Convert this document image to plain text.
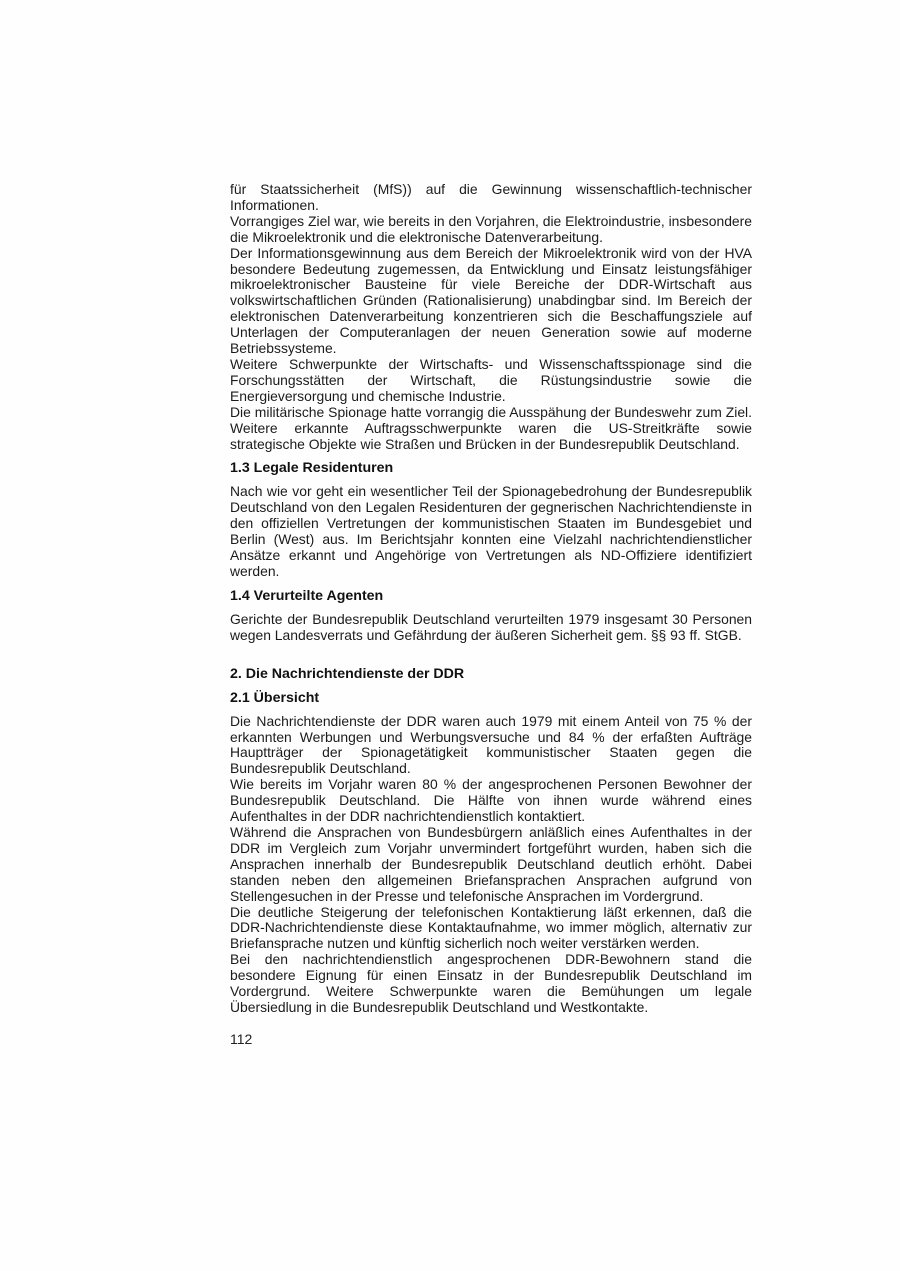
für Staatssicherheit (MfS)) auf die Gewinnung wissenschaftlich-technischer Informationen.

Vorrangiges Ziel war, wie bereits in den Vorjahren, die Elektroindustrie, insbesondere die Mikroelektronik und die elektronische Datenverarbeitung.

Der Informationsgewinnung aus dem Bereich der Mikroelektronik wird von der HVA besondere Bedeutung zugemessen, da Entwicklung und Einsatz leistungsfähiger mikroelektronischer Bausteine für viele Bereiche der DDR-Wirtschaft aus volkswirtschaftlichen Gründen (Rationalisierung) unabdingbar sind. Im Bereich der elektronischen Datenverarbeitung konzentrieren sich die Beschaffungsziele auf Unterlagen der Computeranlagen der neuen Generation sowie auf moderne Betriebssysteme.

Weitere Schwerpunkte der Wirtschafts- und Wissenschaftsspionage sind die Forschungsstätten der Wirtschaft, die Rüstungsindustrie sowie die Energieversorgung und chemische Industrie.

Die militärische Spionage hatte vorrangig die Ausspähung der Bundeswehr zum Ziel. Weitere erkannte Auftragsschwerpunkte waren die US-Streitkräfte sowie strategische Objekte wie Straßen und Brücken in der Bundesrepublik Deutschland.

1.3 Legale Residenturen

Nach wie vor geht ein wesentlicher Teil der Spionagebedrohung der Bundesrepublik Deutschland von den Legalen Residenturen der gegnerischen Nachrichtendienste in den offiziellen Vertretungen der kommunistischen Staaten im Bundesgebiet und Berlin (West) aus. Im Berichtsjahr konnten eine Vielzahl nachrichtendienstlicher Ansätze erkannt und Angehörige von Vertretungen als ND-Offiziere identifiziert werden.

1.4 Verurteilte Agenten

Gerichte der Bundesrepublik Deutschland verurteilten 1979 insgesamt 30 Personen wegen Landesverrats und Gefährdung der äußeren Sicherheit gem. §§ 93 ff. StGB.

2. Die Nachrichtendienste der DDR
2.1 Übersicht

Die Nachrichtendienste der DDR waren auch 1979 mit einem Anteil von 75 % der erkannten Werbungen und Werbungsversuche und 84 % der erfaßten Aufträge Hauptträger der Spionagetätigkeit kommunistischer Staaten gegen die Bundesrepublik Deutschland.

Wie bereits im Vorjahr waren 80 % der angesprochenen Personen Bewohner der Bundesrepublik Deutschland. Die Hälfte von ihnen wurde während eines Aufenthaltes in der DDR nachrichtendienstlich kontaktiert.

Während die Ansprachen von Bundesbürgern anläßlich eines Aufenthaltes in der DDR im Vergleich zum Vorjahr unvermindert fortgeführt wurden, haben sich die Ansprachen innerhalb der Bundesrepublik Deutschland deutlich erhöht. Dabei standen neben den allgemeinen Briefansprachen Ansprachen aufgrund von Stellengesuchen in der Presse und telefonische Ansprachen im Vordergrund.

Die deutliche Steigerung der telefonischen Kontaktierung läßt erkennen, daß die DDR-Nachrichtendienste diese Kontaktaufnahme, wo immer möglich, alternativ zur Briefansprache nutzen und künftig sicherlich noch weiter verstärken werden.

Bei den nachrichtendienstlich angesprochenen DDR-Bewohnern stand die besondere Eignung für einen Einsatz in der Bundesrepublik Deutschland im Vordergrund. Weitere Schwerpunkte waren die Bemühungen um legale Übersiedlung in die Bundesrepublik Deutschland und Westkontakte.

112
